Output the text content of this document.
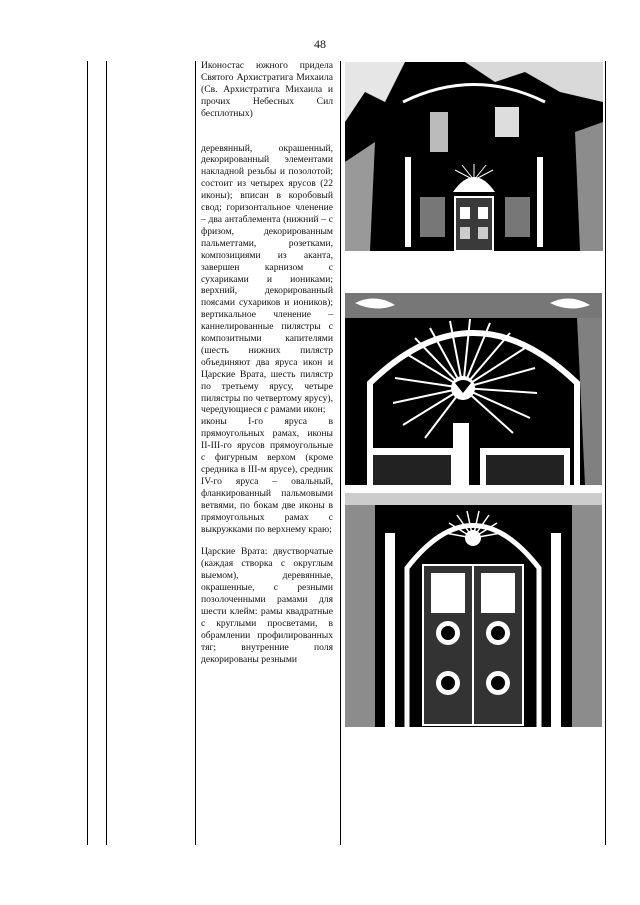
48

Иконостас южного придела Святого Архистратига Михаила (Св. Архистратига Михаила и прочих Небесных Сил бесплотных)

деревянный, окрашенный, декорированный элементами накладной резьбы и позолотой; состоит из четырех ярусов (22 иконы); вписан в коробовый свод; горизонтальное членение – два антаблемента (нижний – с фризом, декорированным пальметтами, розетками, композициями из аканта, завершен карнизом с сухариками и иониками; верхний, декорированный поясами сухариков и иоников); вертикальное членение – каннелированные пилястры с композитными капителями (шесть нижних пилястр объединяют два яруса икон и Царские Врата, шесть пилястр по третьему ярусу, четыре пилястры по четвертому ярусу), чередующиеся с рамами икон;

иконы I-го яруса в прямоугольных рамах, иконы II-III-го ярусов прямоугольные с фигурным верхом (кроме средника в III-м ярусе), средник IV-го яруса – овальный, фланкированный пальмовыми ветвями, по бокам две иконы в прямоугольных рамах с выкружками по верхнему краю;

Царские Врата: двустворчатые (каждая створка с округлым выемом), деревянные, окрашенные, с резными позолоченными рамами для шести клейм: рамы квадратные с круглыми просветами, в обрамлении профилированных тяг; внутренние поля декорированы резными
